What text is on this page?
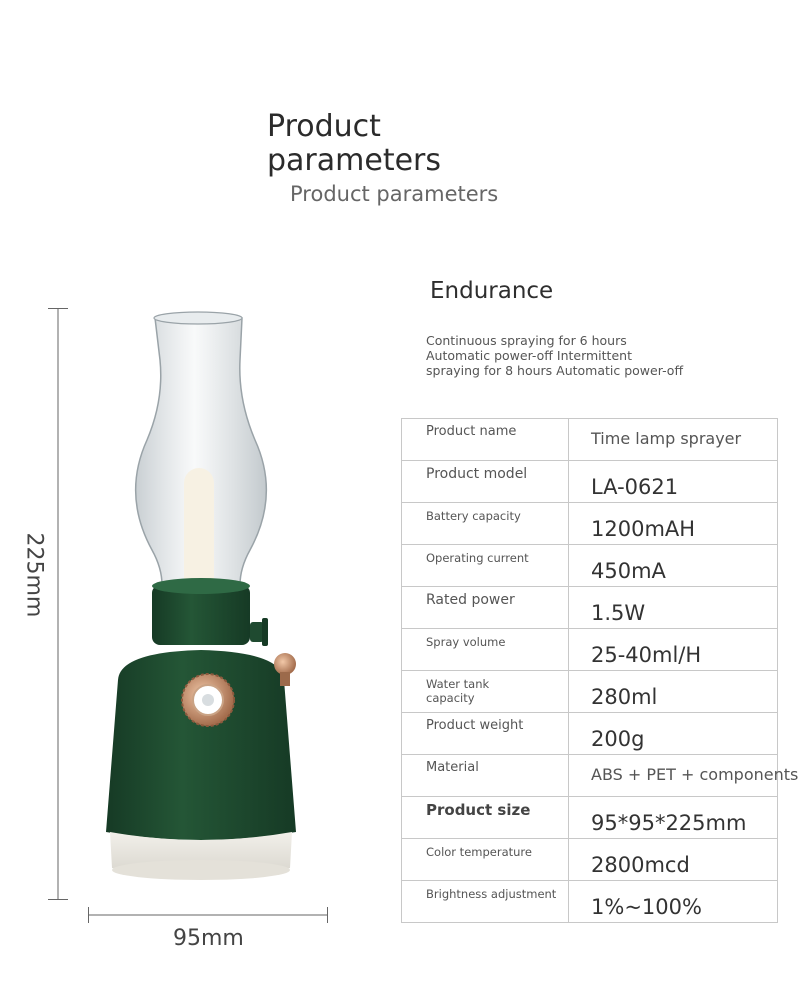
Product parameters
Product parameters
Endurance
Continuous spraying for 6 hours
Automatic power-off Intermittent
spraying for 8 hours Automatic power-off
225mm
95mm
Product name	Time lamp sprayer
Product model	LA-0621
Battery capacity	1200mAH
Operating current	450mA
Rated power	1.5W
Spray volume	25-40ml/H
Water tank capacity	280ml
Product weight	200g
Material	ABS + PET + components
Product size	95*95*225mm
Color temperature	2800mcd
Brightness adjustment	1%~100%
